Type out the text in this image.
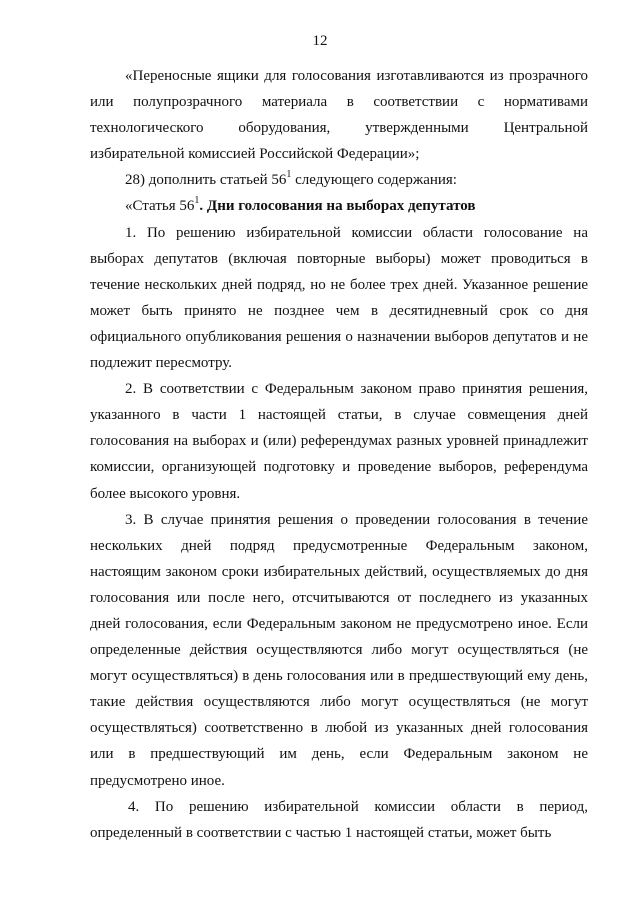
12

«Переносные ящики для голосования изготавливаются из прозрачного или полупрозрачного материала в соответствии с нормативами технологического оборудования, утвержденными Центральной избирательной комиссией Российской Федерации»;

28) дополнить статьей $56^1$ следующего содержания:

«Статья $56^1$. Дни голосования на выборах депутатов

1. По решению избирательной комиссии области голосование на выборах депутатов (включая повторные выборы) может проводиться в течение нескольких дней подряд, но не более трех дней. Указанное решение может быть принято не позднее чем в десятидневный срок со дня официального опубликования решения о назначении выборов депутатов и не подлежит пересмотру.

2. В соответствии с Федеральным законом право принятия решения, указанного в части 1 настоящей статьи, в случае совмещения дней голосования на выборах и (или) референдумах разных уровней принадлежит комиссии, организующей подготовку и проведение выборов, референдума более высокого уровня.

3. В случае принятия решения о проведении голосования в течение нескольких дней подряд предусмотренные Федеральным законом, настоящим законом сроки избирательных действий, осуществляемых до дня голосования или после него, отсчитываются от последнего из указанных дней голосования, если Федеральным законом не предусмотрено иное. Если определенные действия осуществляются либо могут осуществляться (не могут осуществляться) в день голосования или в предшествующий ему день, такие действия осуществляются либо могут осуществляться (не могут осуществляться) соответственно в любой из указанных дней голосования или в предшествующий им день, если Федеральным законом не предусмотрено иное.

4. По решению избирательной комиссии области в период, определенный в соответствии с частью 1 настоящей статьи, может быть
